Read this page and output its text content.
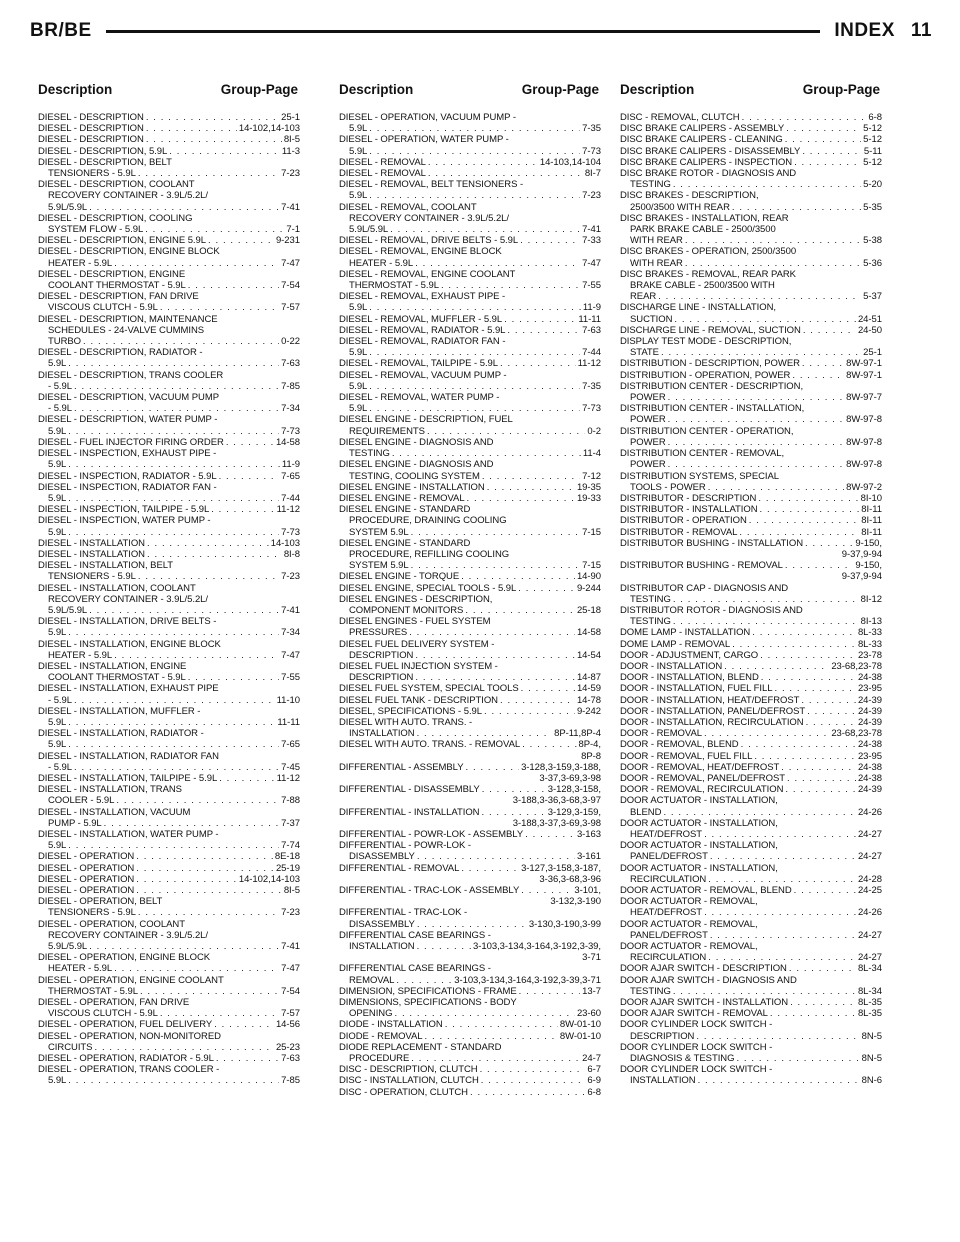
BR/BE	INDEX 11
Description	Group-Page	Description	Group-Page Description	Group-Page
DIESEL - DESCRIPTION . . .	25-1
DIESEL - DESCRIPTION . . .	14-102,14-103
DIESEL - DESCRIPTION . . .	8I-5
DIESEL - DESCRIPTION, 5.9L . . .	11-3
DIESEL - DESCRIPTION, BELT
TENSIONERS - 5.9L . . .	7-23
DIESEL - DESCRIPTION, COOLANT
RECOVERY CONTAINER - 3.9L/5.2L/
5.9L/5.9L . . .	7-41
DIESEL - DESCRIPTION, COOLING
SYSTEM FLOW - 5.9L . . .	7-1
DIESEL - DESCRIPTION, ENGINE 5.9L . . .	9-231
DIESEL - DESCRIPTION, ENGINE BLOCK
HEATER - 5.9L . . .	7-47
DIESEL - DESCRIPTION, ENGINE
COOLANT THERMOSTAT - 5.9L . . .	7-54
DIESEL - DESCRIPTION, FAN DRIVE
VISCOUS CLUTCH - 5.9L . . .	7-57
DIESEL - DESCRIPTION, MAINTENANCE
SCHEDULES - 24-VALVE CUMMINS
TURBO . . .	0-22
DIESEL - DESCRIPTION, RADIATOR -
5.9L . . .	7-63
DIESEL - DESCRIPTION, TRANS COOLER
- 5.9L . . .	7-85
DIESEL - DESCRIPTION, VACUUM PUMP
- 5.9L . . .	7-34
DIESEL - DESCRIPTION, WATER PUMP -
5.9L . . .	7-73
DIESEL - FUEL INJECTOR FIRING ORDER . . .	14-58
DIESEL - INSPECTION, EXHAUST PIPE -
5.9L . . .	11-9
DIESEL - INSPECTION, RADIATOR - 5.9L . . .	7-65
DIESEL - INSPECTION, RADIATOR FAN -
5.9L . . .	7-44
DIESEL - INSPECTION, TAILPIPE - 5.9L . . .	11-12
DIESEL - INSPECTION, WATER PUMP -
5.9L . . .	7-73
DIESEL - INSTALLATION . . .	14-103
DIESEL - INSTALLATION . . .	8I-8
DIESEL - INSTALLATION, BELT
TENSIONERS - 5.9L . . .	7-23
DIESEL - INSTALLATION, COOLANT
RECOVERY CONTAINER - 3.9L/5.2L/
5.9L/5.9L . . .	7-41
DIESEL - INSTALLATION, DRIVE BELTS -
5.9L . . .	7-34
DIESEL - INSTALLATION, ENGINE BLOCK
HEATER - 5.9L . . .	7-47
DIESEL - INSTALLATION, ENGINE
COOLANT THERMOSTAT - 5.9L . . .	7-55
DIESEL - INSTALLATION, EXHAUST PIPE
- 5.9L . . .	11-10
DIESEL - INSTALLATION, MUFFLER -
5.9L . . .	11-11
DIESEL - INSTALLATION, RADIATOR -
5.9L . . .	7-65
DIESEL - INSTALLATION, RADIATOR FAN
- 5.9L . . .	7-45
DIESEL - INSTALLATION, TAILPIPE - 5.9L . . .	11-12
DIESEL - INSTALLATION, TRANS
COOLER - 5.9L . . .	7-88
DIESEL - INSTALLATION, VACUUM
PUMP - 5.9L . . .	7-37
DIESEL - INSTALLATION, WATER PUMP -
5.9L . . .	7-74
DIESEL - OPERATION . . .	8E-18
DIESEL - OPERATION . . .	25-19
DIESEL - OPERATION . . .	14-102,14-103
DIESEL - OPERATION . . .	8I-5
DIESEL - OPERATION, BELT
TENSIONERS - 5.9L . . .	7-23
DIESEL - OPERATION, COOLANT
RECOVERY CONTAINER - 3.9L/5.2L/
5.9L/5.9L . . .	7-41
DIESEL - OPERATION, ENGINE BLOCK
HEATER - 5.9L . . .	7-47
DIESEL - OPERATION, ENGINE COOLANT
THERMOSTAT - 5.9L . . .	7-54
DIESEL - OPERATION, FAN DRIVE
VISCOUS CLUTCH - 5.9L . . .	7-57
DIESEL - OPERATION, FUEL DELIVERY . . .	14-56
DIESEL - OPERATION, NON-MONITORED
CIRCUITS . . .	25-23
DIESEL - OPERATION, RADIATOR - 5.9L . . .	7-63
DIESEL - OPERATION, TRANS COOLER -
5.9L . . .	7-85
DIESEL - OPERATION, VACUUM PUMP -
5.9L . . .	7-35
DIESEL - OPERATION, WATER PUMP -
5.9L . . .	7-73
DIESEL - REMOVAL . . .	14-103,14-104
DIESEL - REMOVAL . . .	8I-7
DIESEL - REMOVAL, BELT TENSIONERS -
5.9L . . .	7-23
DIESEL - REMOVAL, COOLANT
RECOVERY CONTAINER - 3.9L/5.2L/
5.9L/5.9L . . .	7-41
DIESEL - REMOVAL, DRIVE BELTS - 5.9L . . .	7-33
DIESEL - REMOVAL, ENGINE BLOCK
HEATER - 5.9L . . .	7-47
DIESEL - REMOVAL, ENGINE COOLANT
THERMOSTAT - 5.9L . . .	7-55
DIESEL - REMOVAL, EXHAUST PIPE -
5.9L . . .	11-9
DIESEL - REMOVAL, MUFFLER - 5.9L . . .	11-11
DIESEL - REMOVAL, RADIATOR - 5.9L . . .	7-63
DIESEL - REMOVAL, RADIATOR FAN -
5.9L . . .	7-44
DIESEL - REMOVAL, TAILPIPE - 5.9L . . .	11-12
DIESEL - REMOVAL, VACUUM PUMP -
5.9L . . .	7-35
DIESEL - REMOVAL, WATER PUMP -
5.9L . . .	7-73
DIESEL ENGINE - DESCRIPTION, FUEL
REQUIREMENTS . . .	0-2
DIESEL ENGINE - DIAGNOSIS AND
TESTING . . .	11-4
DIESEL ENGINE - DIAGNOSIS AND
TESTING, COOLING SYSTEM . . .	7-12
DIESEL ENGINE - INSTALLATION . . .	19-35
DIESEL ENGINE - REMOVAL . . .	19-33
DIESEL ENGINE - STANDARD
PROCEDURE, DRAINING COOLING
SYSTEM 5.9L . . .	7-15
DIESEL ENGINE - STANDARD
PROCEDURE, REFILLING COOLING
SYSTEM 5.9L . . .	7-15
DIESEL ENGINE - TORQUE . . .	14-90
DIESEL ENGINE, SPECIAL TOOLS - 5.9L . . .	9-244
DIESEL ENGINES - DESCRIPTION,
COMPONENT MONITORS . . .	25-18
DIESEL ENGINES - FUEL SYSTEM
PRESSURES . . .	14-58
DIESEL FUEL DELIVERY SYSTEM -
DESCRIPTION . . .	14-54
DIESEL FUEL INJECTION SYSTEM -
DESCRIPTION . . .	14-87
DIESEL FUEL SYSTEM, SPECIAL TOOLS . . .	14-59
DIESEL FUEL TANK - DESCRIPTION . . .	14-78
DIESEL, SPECIFICATIONS - 5.9L . . .	9-242
DIESEL WITH AUTO. TRANS. -
INSTALLATION . . .	8P-11,8P-4
DIESEL WITH AUTO. TRANS. - REMOVAL . . .	8P-4,
8P-8
DIFFERENTIAL - ASSEMBLY . . .	3-128,3-159,3-188,
3-37,3-69,3-98
DIFFERENTIAL - DISASSEMBLY . . .	3-128,3-158,
3-188,3-36,3-68,3-97
DIFFERENTIAL - INSTALLATION . . .	3-129,3-159,
3-188,3-37,3-69,3-98
DIFFERENTIAL - POWR-LOK - ASSEMBLY . . .	3-163
DIFFERENTIAL - POWR-LOK -
DISASSEMBLY . . .	3-161
DIFFERENTIAL - REMOVAL . . .	3-127,3-158,3-187,
3-36,3-68,3-96
DIFFERENTIAL - TRAC-LOK - ASSEMBLY . . .	3-101,
3-132,3-190
DIFFERENTIAL - TRAC-LOK -
DISASSEMBLY . . .	3-130,3-190,3-99
DIFFERENTIAL CASE BEARINGS -
INSTALLATION . . .	3-103,3-134,3-164,3-192,3-39,
3-71
DIFFERENTIAL CASE BEARINGS -
REMOVAL . . .	3-103,3-134,3-164,3-192,3-39,3-71
DIMENSION, SPECIFICATIONS - FRAME . . .	13-7
DIMENSIONS, SPECIFICATIONS - BODY
OPENING . . .	23-60
DIODE - INSTALLATION . . .	8W-01-10
DIODE - REMOVAL . . .	8W-01-10
DIODE REPLACEMENT - STANDARD
PROCEDURE . . .	24-7
DISC - DESCRIPTION, CLUTCH . . .	6-7
DISC - INSTALLATION, CLUTCH . . .	6-9
DISC - OPERATION, CLUTCH . . .	6-8
DISC - REMOVAL, CLUTCH . . .	6-8
DISC BRAKE CALIPERS - ASSEMBLY . . .	5-12
DISC BRAKE CALIPERS - CLEANING . . .	5-12
DISC BRAKE CALIPERS - DISASSEMBLY . . .	5-11
DISC BRAKE CALIPERS - INSPECTION . . .	5-12
DISC BRAKE ROTOR - DIAGNOSIS AND
TESTING . . .	5-20
DISC BRAKES - DESCRIPTION,
2500/3500 WITH REAR . . .	5-35
DISC BRAKES - INSTALLATION, REAR
PARK BRAKE CABLE - 2500/3500
WITH REAR . . .	5-38
DISC BRAKES - OPERATION, 2500/3500
WITH REAR . . .	5-36
DISC BRAKES - REMOVAL, REAR PARK
BRAKE CABLE - 2500/3500 WITH
REAR . . .	5-37
DISCHARGE LINE - INSTALLATION,
SUCTION . . .	24-51
DISCHARGE LINE - REMOVAL, SUCTION . . .	24-50
DISPLAY TEST MODE - DESCRIPTION,
STATE . . .	25-1
DISTRIBUTION - DESCRIPTION, POWER . . .	8W-97-1
DISTRIBUTION - OPERATION, POWER . . .	8W-97-1
DISTRIBUTION CENTER - DESCRIPTION,
POWER . . .	8W-97-7
DISTRIBUTION CENTER - INSTALLATION,
POWER . . .	8W-97-8
DISTRIBUTION CENTER - OPERATION,
POWER . . .	8W-97-8
DISTRIBUTION CENTER - REMOVAL,
POWER . . .	8W-97-8
DISTRIBUTION SYSTEMS, SPECIAL
TOOLS - POWER . . .	8W-97-2
DISTRIBUTOR - DESCRIPTION . . .	8I-10
DISTRIBUTOR - INSTALLATION . . .	8I-11
DISTRIBUTOR - OPERATION . . .	8I-11
DISTRIBUTOR - REMOVAL . . .	8I-11
DISTRIBUTOR BUSHING - INSTALLATION . . .	9-150,
9-37,9-94
DISTRIBUTOR BUSHING - REMOVAL . . .	9-150,
9-37,9-94
DISTRIBUTOR CAP - DIAGNOSIS AND
TESTING . . .	8I-12
DISTRIBUTOR ROTOR - DIAGNOSIS AND
TESTING . . .	8I-13
DOME LAMP - INSTALLATION . . .	8L-33
DOME LAMP - REMOVAL . . .	8L-33
DOOR - ADJUSTMENT, CARGO . . .	23-78
DOOR - INSTALLATION . . .	23-68,23-78
DOOR - INSTALLATION, BLEND . . .	24-38
DOOR - INSTALLATION, FUEL FILL . . .	23-95
DOOR - INSTALLATION, HEAT/DEFROST . . .	24-39
DOOR - INSTALLATION, PANEL/DEFROST . . .	24-39
DOOR - INSTALLATION, RECIRCULATION . . .	24-39
DOOR - REMOVAL . . .	23-68,23-78
DOOR - REMOVAL, BLEND . . .	24-38
DOOR - REMOVAL, FUEL FILL . . .	23-95
DOOR - REMOVAL, HEAT/DEFROST . . .	24-38
DOOR - REMOVAL, PANEL/DEFROST . . .	24-38
DOOR - REMOVAL, RECIRCULATION . . .	24-39
DOOR ACTUATOR - INSTALLATION,
BLEND . . .	24-26
DOOR ACTUATOR - INSTALLATION,
HEAT/DEFROST . . .	24-27
DOOR ACTUATOR - INSTALLATION,
PANEL/DEFROST . . .	24-27
DOOR ACTUATOR - INSTALLATION,
RECIRCULATION . . .	24-28
DOOR ACTUATOR - REMOVAL, BLEND . . .	24-25
DOOR ACTUATOR - REMOVAL,
HEAT/DEFROST . . .	24-26
DOOR ACTUATOR - REMOVAL,
PANEL/DEFROST . . .	24-27
DOOR ACTUATOR - REMOVAL,
RECIRCULATION . . .	24-27
DOOR AJAR SWITCH - DESCRIPTION . . .	8L-34
DOOR AJAR SWITCH - DIAGNOSIS AND
TESTING . . .	8L-34
DOOR AJAR SWITCH - INSTALLATION . . .	8L-35
DOOR AJAR SWITCH - REMOVAL . . .	8L-35
DOOR CYLINDER LOCK SWITCH -
DESCRIPTION . . .	8N-5
DOOR CYLINDER LOCK SWITCH -
DIAGNOSIS & TESTING . . .	8N-5
DOOR CYLINDER LOCK SWITCH -
INSTALLATION . . .	8N-6
